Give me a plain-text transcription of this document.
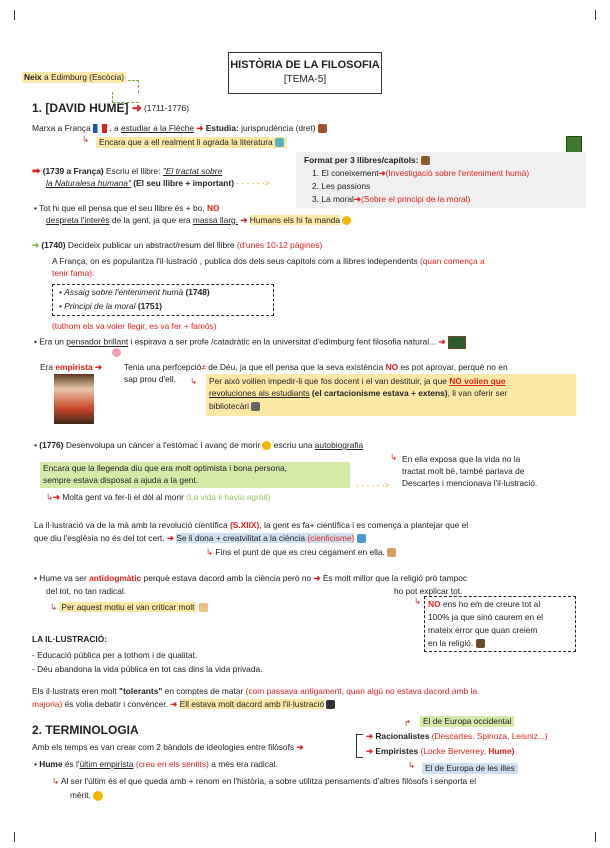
HISTÒRIA DE LA FILOSOFIA
[TEMA-5]
Neix a Edimburg (Escòcia)
1. [DAVID HUME] ➜ (1711-1776)
Marxa a França , a estudiar a la Flèche ➜ Estudia: jurisprudència (dret)
↳	Encara que a ell realment li agrada la literatura
Format per 3 llibres/capítols:
1. El coneixement➜(Investigació sobre l'enteniment humà)
2. Les passions
3. La moral➜(Sobre el principi de la moral)
➡ (1739 a França) Escriu el llibre: "El tractat sobre
la Naturalesa humana" (El seu llibre + important) - - - - - ->
• Tot hi que ell pensa que el seu llibre és + bo, NO
despreta l'interés de la gent, ja que era massa llarg. ➜ Humans els hi fa manda
➜ (1740) Decideix publicar un abstract/resum del llibre (d'unes 10-12 pàgines)
A França, on es popularitza l'il·lustració , publica dos dels seus capítols com a llibres independents (quan comença a
tenir fama):
• Assaig sobre l'enteniment humà (1748)
• Principi de la moral (1751)
(tothom els va voler llegir, es va fer + famós)
• Era un pensador brillant i espirava a ser profe /catadràtic en la universitat d'edimburg fent filosofia natural... ➜
Era empirista ➜	Tenia una perfcepció≠ de Déu, ja que ell pensa que la seva existència NO es pot aprovar, perquè no en
sap prou d'ell. ↳ Per això voilien impedir-li que fos docent i el van destituir, ja que NO volien que
revoluciones als estudiants (el cartacionisme estava + extens), li van oferir ser
bibliotecàri
• (1776) Desenvolupa un càncer a l'estòmac i avanç de morir escriu una autobiografia
↳ En ella exposa que la vida no la
tractat molt bé, també parlava de
Descartes i mencionava l'il·lustració.
Encara que la llegenda diu que era molt optimista i bona persona,
sempre estava disposat a ajuda a la gent.	- - - - - ->
↳➜ Molta gent va fer-li el dòl al morir (La vida li havia agràit)
La il·lustració va de la mà amb la revolució científica (S.XIIX), la gent es fa+ científica i es comença a plantejar que el
que diu l'església no és del tot cert. ➜ Se li dona + creatvilitat a la ciència (cienficisme)
↳ Fins el punt de que es creu cegament en ella.
• Hume va ser antidogmàtic perquè estava dacord amb la ciència però no ➜ És molt millor que la religió prò tampoc
del tot, no tan radical.	ho pot explicar tot.
↳ Per aquest motiu el van criticar molt
↳ NO ens ho em de creure tot al
100% ja que sinó caurem en el
mateix error que quan creiem
en la religió.
LA IL·LUSTRACIÓ:
- Educació pública per a tothom i de qualitat.
- Déu abandona la vida pública en tot cas dins la vida privada.
Els il·lustrats eren molt "tolerants" en comptes de matar (com passava antigament, quan algú no estava dacord amb la
majoria) és volia debatir i convèncer. ➜ Ell estava molt dacord amb l'il·lustració
2. TERMINOLOGIA
El de Europa occidental
↱
Amb els temps es van crear com 2 bàndols de ideologies entre filòsofs ➜
➜ Racionalistes (Descartes, Spinoza, Leisniz...)
➜ Empiristes (Locke Berverrey, Hume)
↳	El de Europa de les illes
• Hume és l'últim empirista (creu en els sentits) a més era radical.
↳ Al ser l'últim és el que queda amb + renom en l'història, a sobre utilitza pensaments d'altres filòsofs i senporta el
mèrit.
